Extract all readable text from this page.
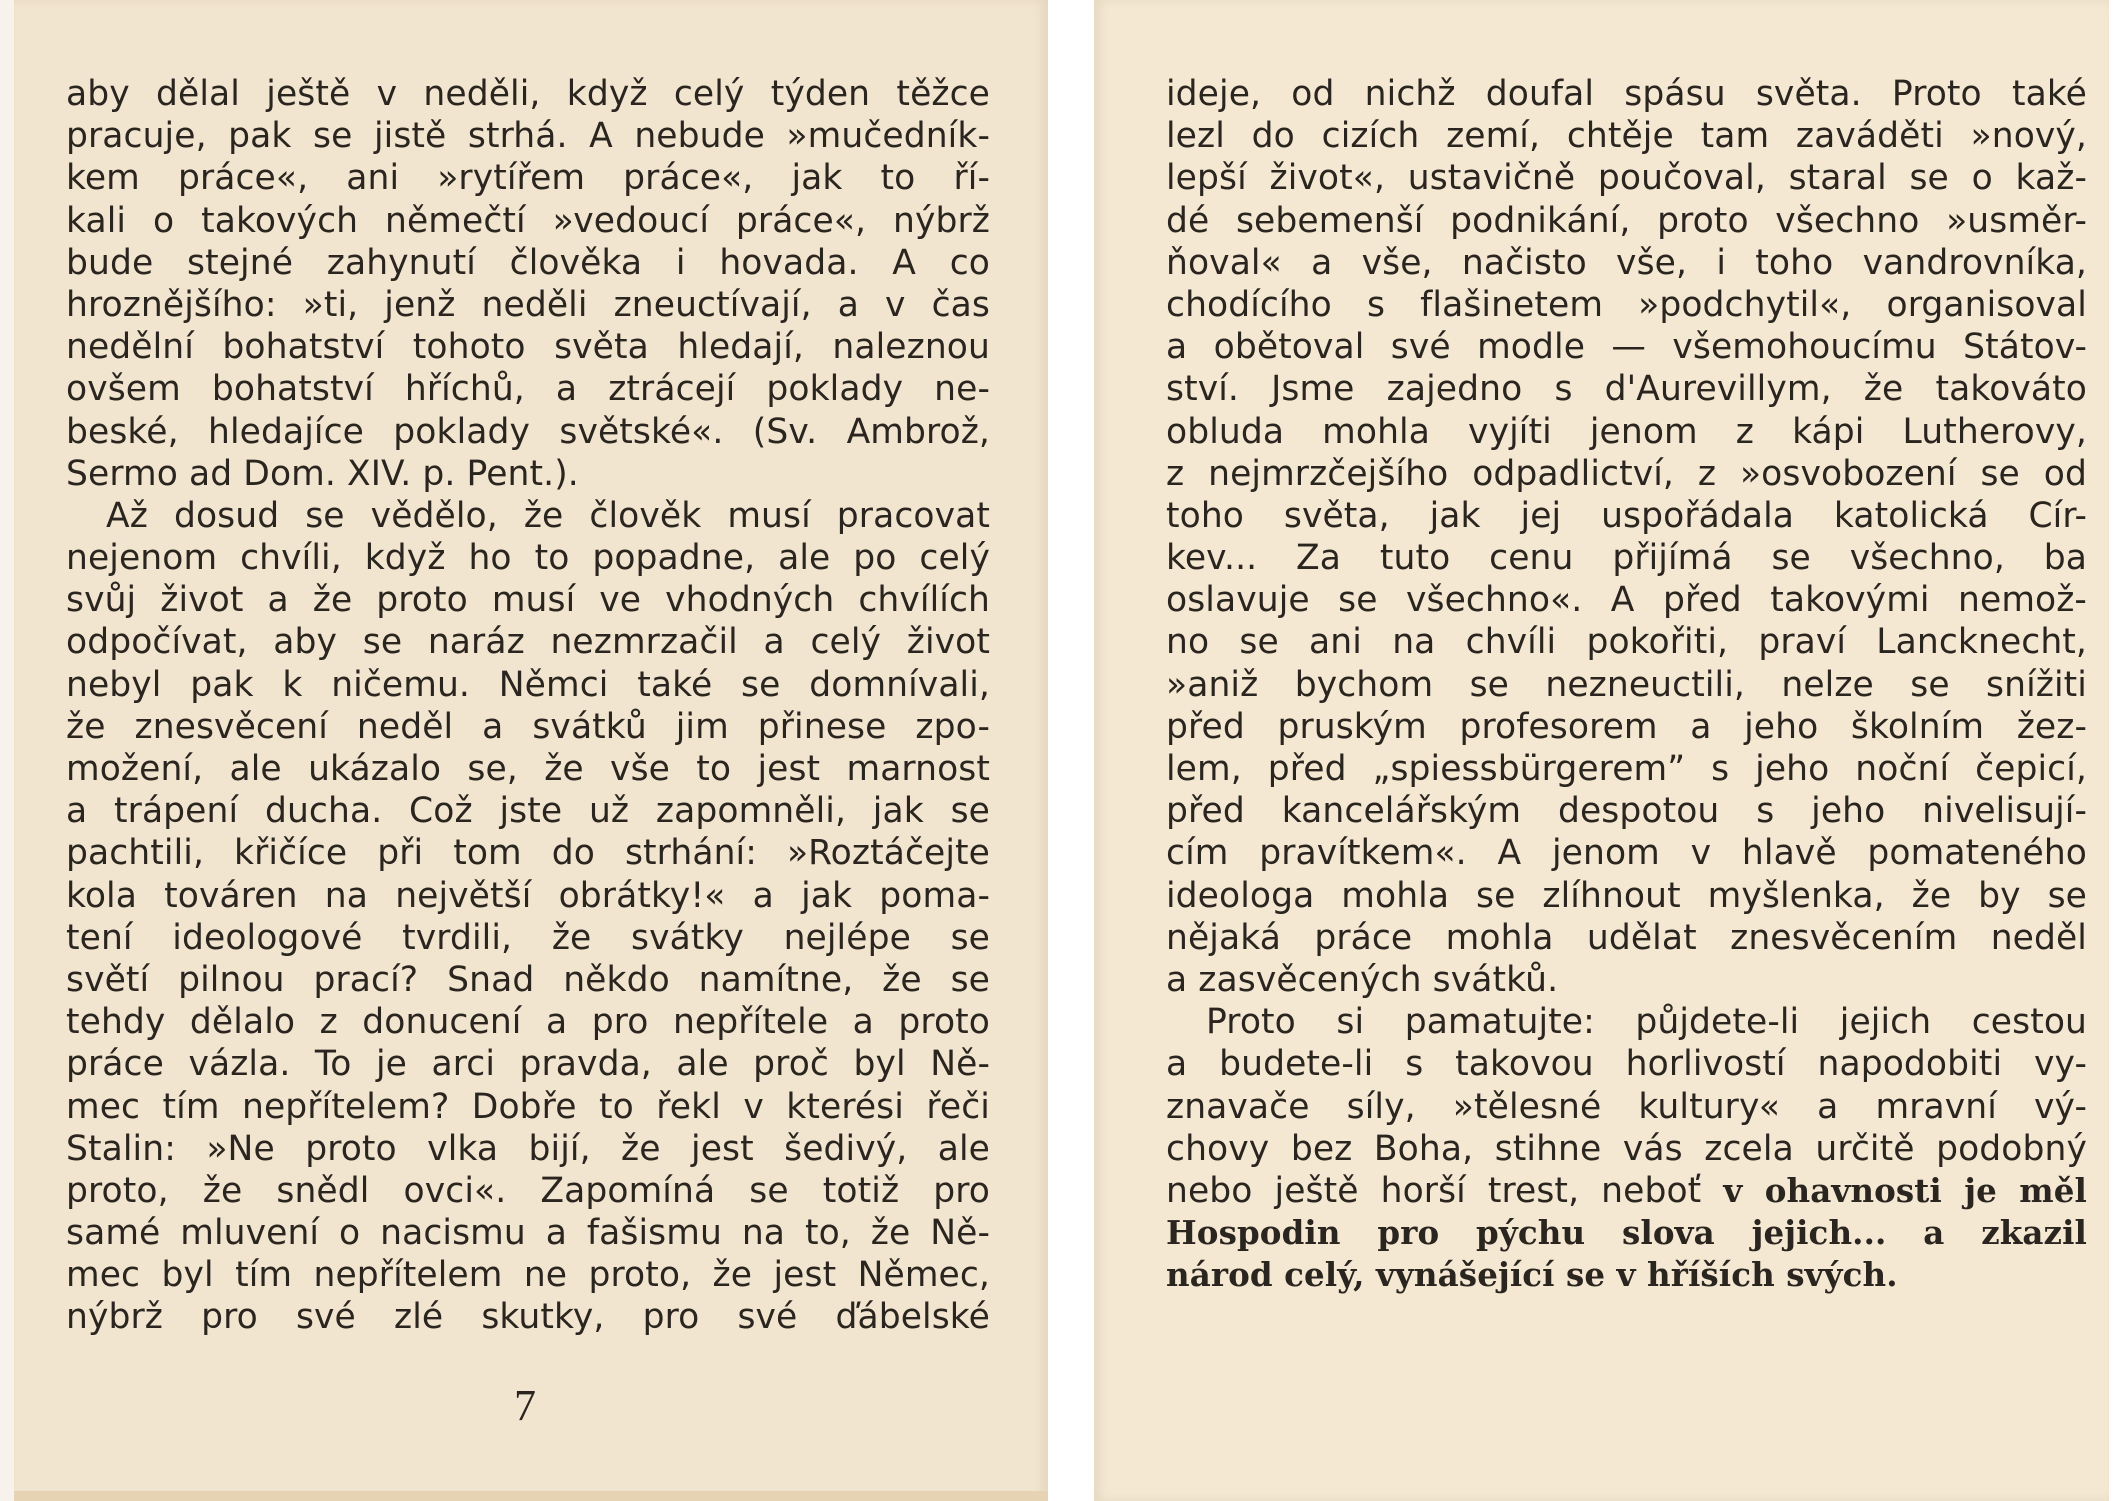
aby dělal ještě v neděli, když celý týden těžce
pracuje, pak se jistě strhá. A nebude »mučedník-
kem práce«, ani »rytířem práce«, jak to ří-
kali o takových němečtí »vedoucí práce«, nýbrž
bude stejné zahynutí člověka i hovada. A co
hroznějšího: »ti, jenž neděli zneuctívají, a v čas
nedělní bohatství tohoto světa hledají, naleznou
ovšem bohatství hříchů, a ztrácejí poklady ne-
beské, hledajíce poklady světské«. (Sv. Ambrož,
Sermo ad Dom. XIV. p. Pent.).
Až dosud se vědělo, že člověk musí pracovat
nejenom chvíli, když ho to popadne, ale po celý
svůj život a že proto musí ve vhodných chvílích
odpočívat, aby se naráz nezmrzačil a celý život
nebyl pak k ničemu. Němci také se domnívali,
že znesvěcení neděl a svátků jim přinese zpo-
možení, ale ukázalo se, že vše to jest marnost
a trápení ducha. Což jste už zapomněli, jak se
pachtili, křičíce při tom do strhání: »Roztáčejte
kola továren na největší obrátky!« a jak poma-
tení ideologové tvrdili, že svátky nejlépe se
světí pilnou prací? Snad někdo namítne, že se
tehdy dělalo z donucení a pro nepřítele a proto
práce vázla. To je arci pravda, ale proč byl Ně-
mec tím nepřítelem? Dobře to řekl v kterési řeči
Stalin: »Ne proto vlka bijí, že jest šedivý, ale
proto, že snědl ovci«. Zapomíná se totiž pro
samé mluvení o nacismu a fašismu na to, že Ně-
mec byl tím nepřítelem ne proto, že jest Němec,
nýbrž pro své zlé skutky, pro své ďábelské
7
ideje, od nichž doufal spásu světa. Proto také
lezl do cizích zemí, chtěje tam zaváděti »nový,
lepší život«, ustavičně poučoval, staral se o kaž-
dé sebemenší podnikání, proto všechno »usměr-
ňoval« a vše, načisto vše, i toho vandrovníka,
chodícího s flašinetem »podchytil«, organisoval
a obětoval své modle — všemohoucímu Státov-
ství. Jsme zajedno s d'Aurevillym, že takováto
obluda mohla vyjíti jenom z kápi Lutherovy,
z nejmrzčejšího odpadlictví, z »osvobození se od
toho světa, jak jej uspořádala katolická Cír-
kev... Za tuto cenu přijímá se všechno, ba
oslavuje se všechno«. A před takovými nemož-
no se ani na chvíli pokořiti, praví Lancknecht,
»aniž bychom se nezneuctili, nelze se snížiti
před pruským profesorem a jeho školním žez-
lem, před „spiessbürgerem” s jeho noční čepicí,
před kancelářským despotou s jeho nivelisují-
cím pravítkem«. A jenom v hlavě pomateného
ideologa mohla se zlíhnout myšlenka, že by se
nějaká práce mohla udělat znesvěcením neděl
a zasvěcených svátků.
Proto si pamatujte: půjdete-li jejich cestou
a budete-li s takovou horlivostí napodobiti vy-
znavače síly, »tělesné kultury« a mravní vý-
chovy bez Boha, stihne vás zcela určitě podobný
nebo ještě horší trest, neboť v ohavnosti je měl
Hospodin pro pýchu slova jejich... a zkazil
národ celý, vynášející se v hříších svých.
